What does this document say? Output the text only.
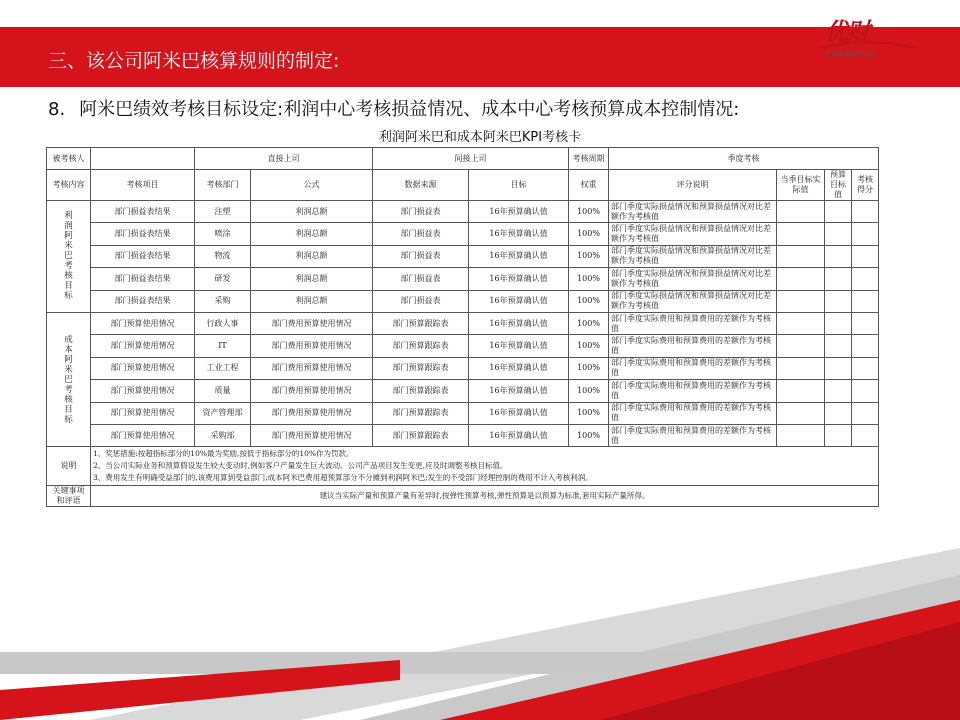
三、该公司阿米巴核算规则的制定:
优财
CMA原创专家
8. 阿米巴绩效考核目标设定:利润中心考核损益情况、成本中心考核预算成本控制情况:
利润阿米巴和成本阿米巴KPI考核卡
被考核人		直接上司		间接上司		考核周期	季度考核			
考核内容	考核项目	考核部门	公式	数据来源	目标	权重	评分说明	当季目标实际值	预算目标值	考核得分
利润阿米巴考核目标	部门损益表结果	注塑	利润总额	部门损益表	16年预算确认值	100%	部门季度实际损益情况和预算损益情况对比差额作为考核值			
	部门损益表结果	喷涂	利润总额	部门损益表	16年预算确认值	100%	部门季度实际损益情况和预算损益情况对比差额作为考核值			
	部门损益表结果	物流	利润总额	部门损益表	16年预算确认值	100%	部门季度实际损益情况和预算损益情况对比差额作为考核值			
	部门损益表结果	研发	利润总额	部门损益表	16年预算确认值	100%	部门季度实际损益情况和预算损益情况对比差额作为考核值			
	部门损益表结果	采购	利润总额	部门损益表	16年预算确认值	100%	部门季度实际损益情况和预算损益情况对比差额作为考核值			
成本阿米巴考核目标	部门预算使用情况	行政人事	部门费用预算使用情况	部门预算跟踪表	16年预算确认值	100%	部门季度实际费用和预算费用的差额作为考核值			
	部门预算使用情况	IT	部门费用预算使用情况	部门预算跟踪表	16年预算确认值	100%	部门季度实际费用和预算费用的差额作为考核值			
	部门预算使用情况	工业工程	部门费用预算使用情况	部门预算跟踪表	16年预算确认值	100%	部门季度实际费用和预算费用的差额作为考核值			
	部门预算使用情况	质量	部门费用预算使用情况	部门预算跟踪表	16年预算确认值	100%	部门季度实际费用和预算费用的差额作为考核值			
	部门预算使用情况	资产管理部	部门费用预算使用情况	部门预算跟踪表	16年预算确认值	100%	部门季度实际费用和预算费用的差额作为考核值			
	部门预算使用情况	采购部	部门费用预算使用情况	部门预算跟踪表	16年预算确认值	100%	部门季度实际费用和预算费用的差额作为考核值			
说明	1、奖惩措施:按超指标部分的10%最为奖励,按低于指标部分的10%作为罚款。
2、当公司实际业务和预算假设发生较大变动时,例如客户产量发生巨大波动、公司产品项目发生变更,应及时调整考核目标值。
3、费用发生有明确受益部门的,该费用算到受益部门;成本阿米巴费用超预算部分不分摊到利润阿米巴;发生的不受部门经理控制的费用不计入考核利润。									

关键事项和评语	建议当实际产量和预算产量有差异时,按弹性预算考核,弹性预算是以预算为标准,套用实际产量所得。									
